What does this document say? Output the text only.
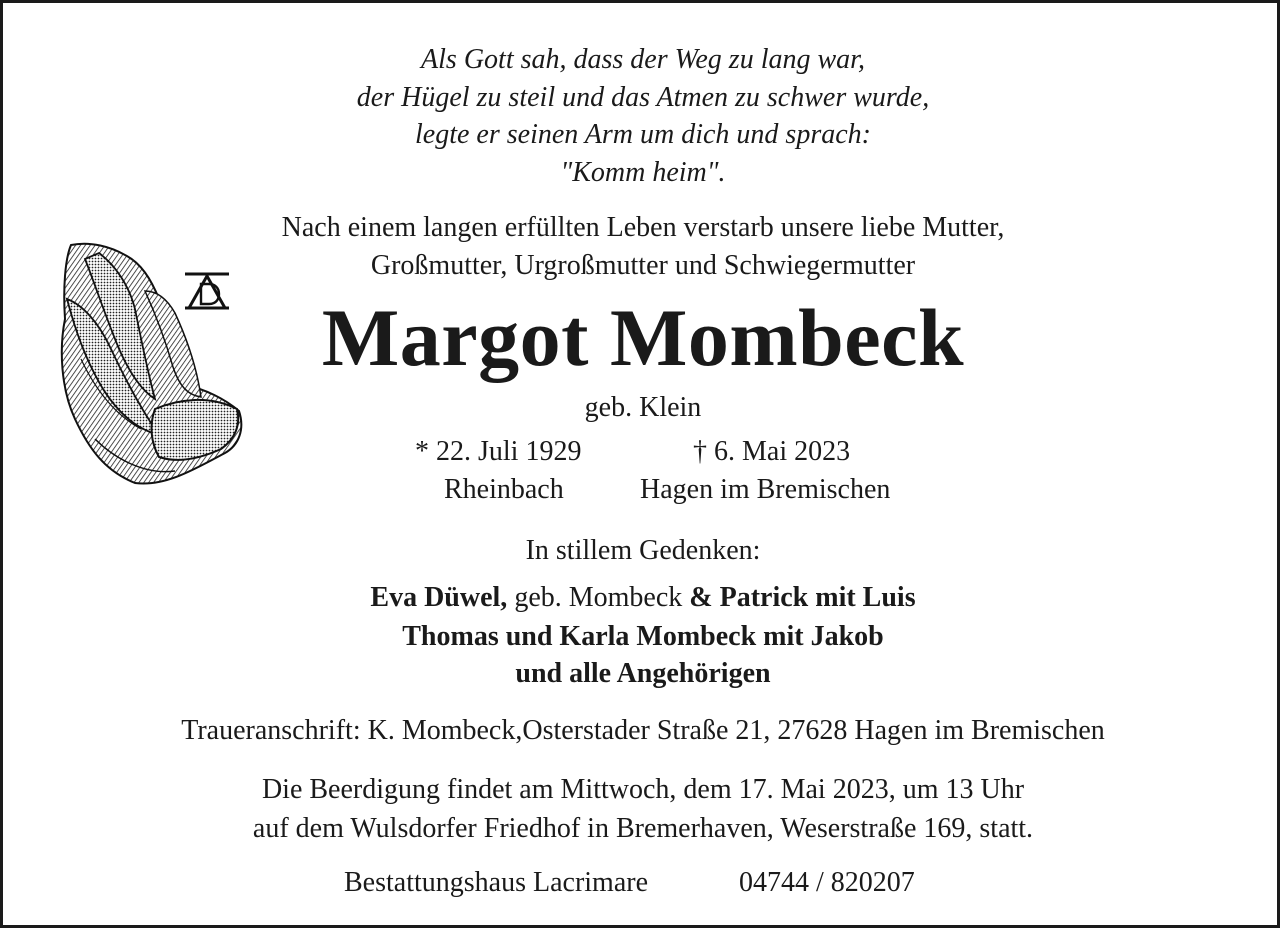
Als Gott sah, dass der Weg zu lang war,
der Hügel zu steil und das Atmen zu schwer wurde,
legte er seinen Arm um dich und sprach:
"Komm heim".
Nach einem langen erfüllten Leben verstarb unsere liebe Mutter,
Großmutter, Urgroßmutter und Schwiegermutter
Margot Mombeck
geb. Klein
* 22. Juli 1929	† 6. Mai 2023
Rheinbach	Hagen im Bremischen
In stillem Gedenken:
Eva Düwel, geb. Mombeck & Patrick mit Luis
Thomas und Karla Mombeck mit Jakob
und alle Angehörigen
Traueranschrift: K. Mombeck,Osterstader Straße 21, 27628 Hagen im Bremischen
Die Beerdigung findet am Mittwoch, dem 17. Mai 2023, um 13 Uhr
auf dem Wulsdorfer Friedhof in Bremerhaven, Weserstraße 169, statt.
Bestattungshaus Lacrimare	04744 / 820207
